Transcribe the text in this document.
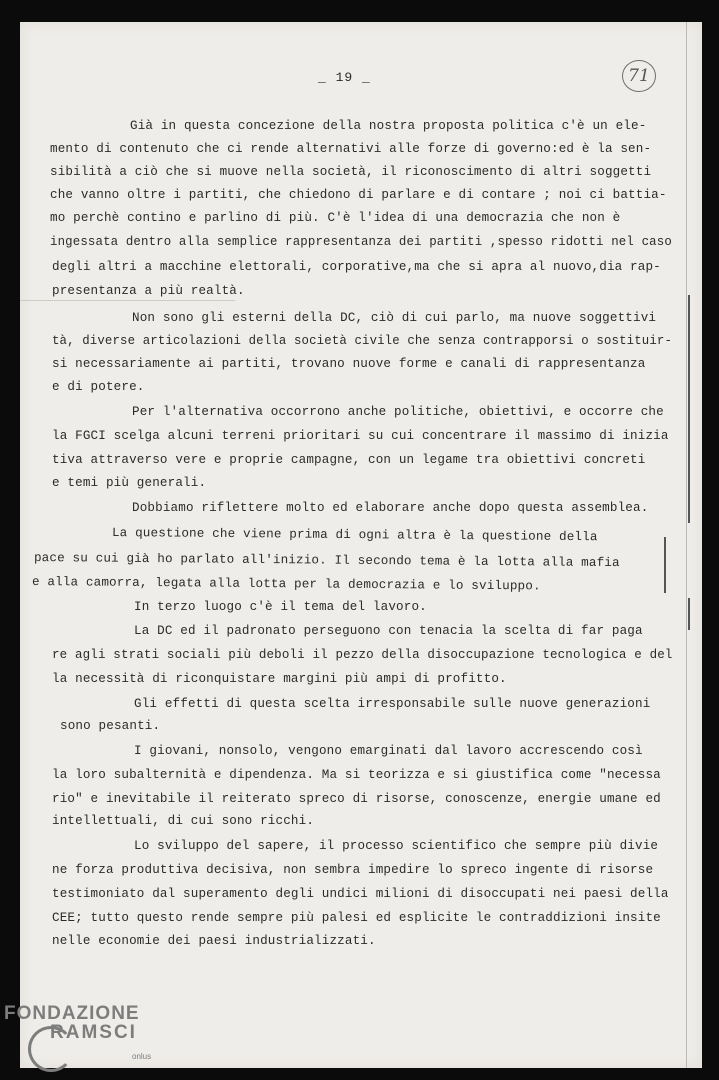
_ 19 _	71
Già in questa concezione della nostra proposta politica c'è un ele-
mento di contenuto che ci rende alternativi alle forze di governo:ed è la sen-
sibilità a ciò che si muove nella società, il riconoscimento di altri soggetti
che vanno oltre i partiti, che chiedono di parlare e di contare ; noi ci battia-
mo perchè contino e parlino di più. C'è l'idea di una democrazia che non è
ingessata dentro alla semplice rappresentanza dei partiti ,spesso ridotti nel caso
degli altri a macchine elettorali, corporative,ma che si apra al nuovo,dia rap-
presentanza a più realtà.
Non sono gli esterni della DC, ciò di cui parlo, ma nuove soggettivi
tà, diverse articolazioni della società civile che senza contrapporsi o sostituir-
si necessariamente ai partiti, trovano nuove forme e canali di rappresentanza
e di potere.
Per l'alternativa occorrono anche politiche, obiettivi, e occorre che
la FGCI scelga alcuni terreni prioritari su cui concentrare il massimo di inizia
tiva attraverso vere e proprie campagne, con un legame tra obiettivi concreti
e temi più generali.
Dobbiamo riflettere molto ed elaborare anche dopo questa assemblea.
La questione che viene prima di ogni altra è la questione della
pace su cui già ho parlato all'inizio. Il secondo tema è la lotta alla mafia
e alla camorra, legata alla lotta per la democrazia e lo sviluppo.
In terzo luogo c'è il tema del lavoro.
La DC ed il padronato perseguono con tenacia la scelta di far paga
re agli strati sociali più deboli il pezzo della disoccupazione tecnologica e del
la necessità di riconquistare margini più ampi di profitto.
Gli effetti di questa scelta irresponsabile sulle nuove generazioni
sono pesanti.
I giovani, nonsolo, vengono emarginati dal lavoro accrescendo così
la loro subalternità e dipendenza. Ma si teorizza e si giustifica come "necessa
rio" e inevitabile il reiterato spreco di risorse, conoscenze, energie umane ed
intellettuali, di cui sono ricchi.
Lo sviluppo del sapere, il processo scientifico che sempre più divie
ne forza produttiva decisiva, non sembra impedire lo spreco ingente di risorse
testimoniato dal superamento degli undici milioni di disoccupati nei paesi della
CEE; tutto questo rende sempre più palesi ed esplicite le contraddizioni insite
nelle economie dei paesi industrializzati.
FONDAZIONE
RAMSCI
onlus
